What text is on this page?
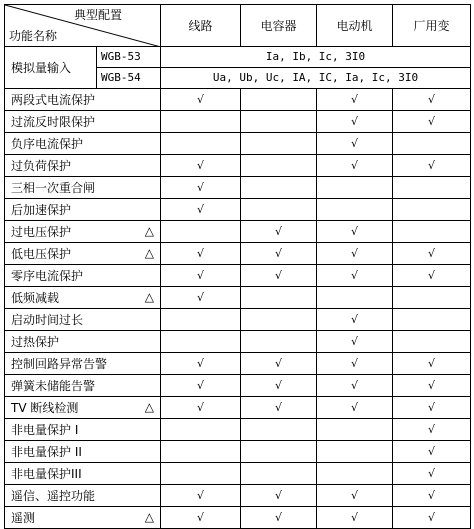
典型配置
功能名称		线路	电容器	电动机	厂用变
模拟量输入	WGB-53	Ia, Ib, Ic, 3I0			
	WGB-54	Ua, Ub, Uc, IA, IC, Ia, Ic, 3I0			
两段式电流保护		√		√	√
过流反时限保护				√	√
负序电流保护				√	
过负荷保护		√		√	√
三相一次重合闸		√			
后加速保护		√			
过电压保护 △			√	√	
低电压保护 △		√	√	√	√
零序电流保护		√	√	√	√
低频减载 △		√			
启动时间过长				√	
过热保护				√	
控制回路异常告警		√	√	√	√
弹簧未储能告警		√	√	√	√
TV 断线检测 △		√	√	√	√
非电量保护 I					√
非电量保护 II					√
非电量保护III					√
遥信、遥控功能		√	√	√	√
遥测 △		√	√	√	√
